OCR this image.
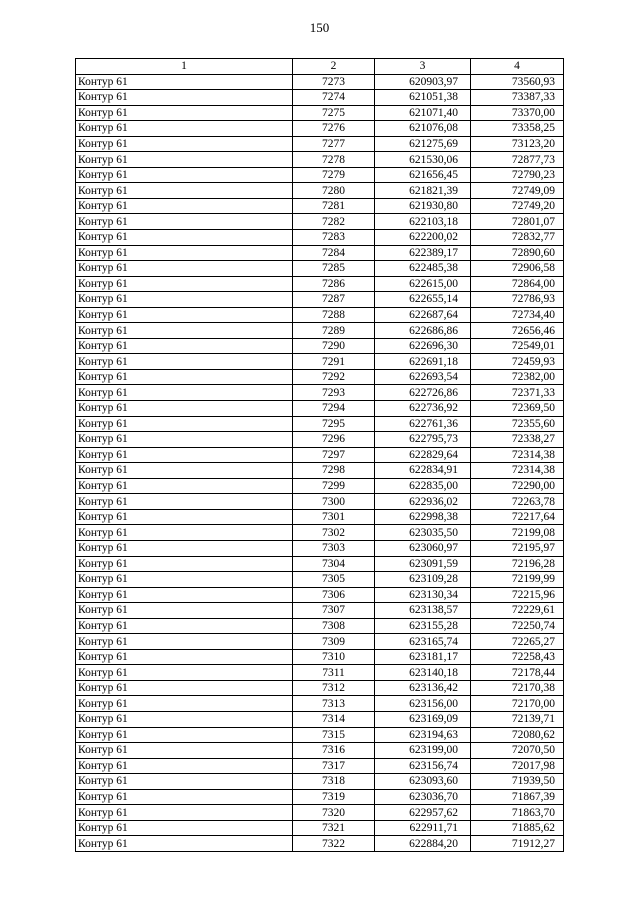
150
1	2	3	4
Контур 61	7273	620903,97	73560,93
Контур 61	7274	621051,38	73387,33
Контур 61	7275	621071,40	73370,00
Контур 61	7276	621076,08	73358,25
Контур 61	7277	621275,69	73123,20
Контур 61	7278	621530,06	72877,73
Контур 61	7279	621656,45	72790,23
Контур 61	7280	621821,39	72749,09
Контур 61	7281	621930,80	72749,20
Контур 61	7282	622103,18	72801,07
Контур 61	7283	622200,02	72832,77
Контур 61	7284	622389,17	72890,60
Контур 61	7285	622485,38	72906,58
Контур 61	7286	622615,00	72864,00
Контур 61	7287	622655,14	72786,93
Контур 61	7288	622687,64	72734,40
Контур 61	7289	622686,86	72656,46
Контур 61	7290	622696,30	72549,01
Контур 61	7291	622691,18	72459,93
Контур 61	7292	622693,54	72382,00
Контур 61	7293	622726,86	72371,33
Контур 61	7294	622736,92	72369,50
Контур 61	7295	622761,36	72355,60
Контур 61	7296	622795,73	72338,27
Контур 61	7297	622829,64	72314,38
Контур 61	7298	622834,91	72314,38
Контур 61	7299	622835,00	72290,00
Контур 61	7300	622936,02	72263,78
Контур 61	7301	622998,38	72217,64
Контур 61	7302	623035,50	72199,08
Контур 61	7303	623060,97	72195,97
Контур 61	7304	623091,59	72196,28
Контур 61	7305	623109,28	72199,99
Контур 61	7306	623130,34	72215,96
Контур 61	7307	623138,57	72229,61
Контур 61	7308	623155,28	72250,74
Контур 61	7309	623165,74	72265,27
Контур 61	7310	623181,17	72258,43
Контур 61	7311	623140,18	72178,44
Контур 61	7312	623136,42	72170,38
Контур 61	7313	623156,00	72170,00
Контур 61	7314	623169,09	72139,71
Контур 61	7315	623194,63	72080,62
Контур 61	7316	623199,00	72070,50
Контур 61	7317	623156,74	72017,98
Контур 61	7318	623093,60	71939,50
Контур 61	7319	623036,70	71867,39
Контур 61	7320	622957,62	71863,70
Контур 61	7321	622911,71	71885,62
Контур 61	7322	622884,20	71912,27
